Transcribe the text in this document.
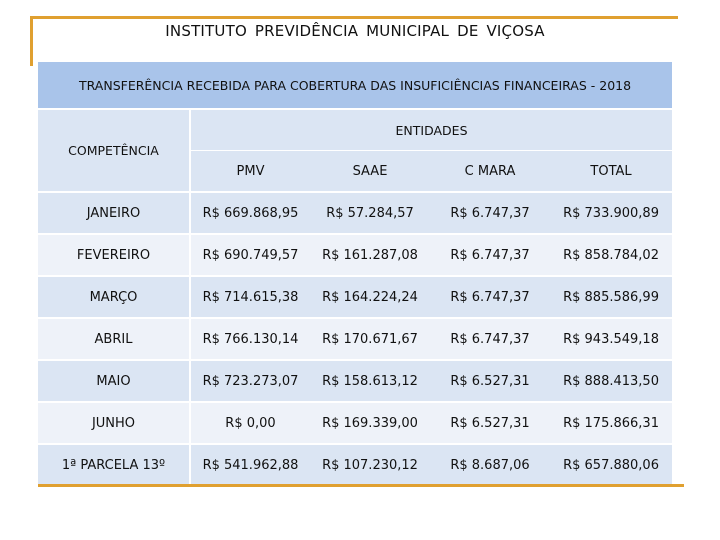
INSTITUTO PREVIDÊNCIA MUNICIPAL DE VIÇOSA
TRANSFERÊNCIA RECEBIDA PARA COBERTURA DAS INSUFICIÊNCIAS FINANCEIRAS - 2018				
COMPETÊNCIA	ENTIDADES			
	PMV	SAAE	C MARA	TOTAL
JANEIRO	R$ 669.868,95	R$ 57.284,57	R$ 6.747,37	R$ 733.900,89
FEVEREIRO	R$ 690.749,57	R$ 161.287,08	R$ 6.747,37	R$ 858.784,02
MARÇO	R$ 714.615,38	R$ 164.224,24	R$ 6.747,37	R$ 885.586,99
ABRIL	R$ 766.130,14	R$ 170.671,67	R$ 6.747,37	R$ 943.549,18
MAIO	R$ 723.273,07	R$ 158.613,12	R$ 6.527,31	R$ 888.413,50
JUNHO	R$ 0,00	R$ 169.339,00	R$ 6.527,31	R$ 175.866,31
1ª PARCELA 13º	R$ 541.962,88	R$ 107.230,12	R$ 8.687,06	R$ 657.880,06
